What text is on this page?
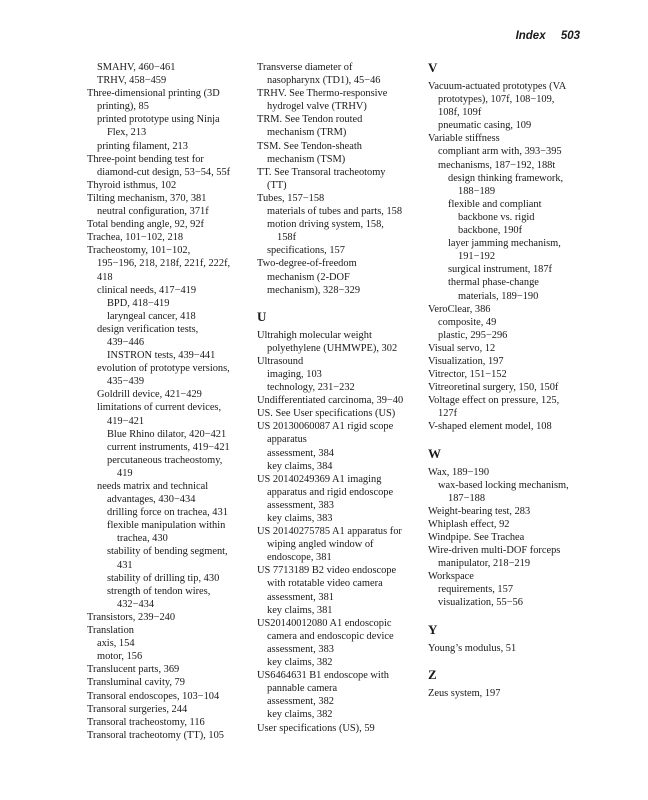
Index 503
SMAHV, 460−461
TRHV, 458−459
Three-dimensional printing (3D
printing), 85
printed prototype using Ninja
Flex, 213
printing filament, 213
Three-point bending test for
diamond-cut design, 53−54, 55f
Thyroid isthmus, 102
Tilting mechanism, 370, 381
neutral configuration, 371f
Total bending angle, 92, 92f
Trachea, 101−102, 218
Tracheostomy, 101−102,
195−196, 218, 218f, 221f, 222f,
418
clinical needs, 417−419
BPD, 418−419
laryngeal cancer, 418
design verification tests,
439−446
INSTRON tests, 439−441
evolution of prototype versions,
435−439
Goldrill device, 421−429
limitations of current devices,
419−421
Blue Rhino dilator, 420−421
current instruments, 419−421
percutaneous tracheostomy,
419
needs matrix and technical
advantages, 430−434
drilling force on trachea, 431
flexible manipulation within
trachea, 430
stability of bending segment,
431
stability of drilling tip, 430
strength of tendon wires,
432−434
Transistors, 239−240
Translation
axis, 154
motor, 156
Translucent parts, 369
Transluminal cavity, 79
Transoral endoscopes, 103−104
Transoral surgeries, 244
Transoral tracheostomy, 116
Transoral tracheotomy (TT), 105
Transverse diameter of
nasopharynx (TD1), 45−46
TRHV. See Thermo-responsive
hydrogel valve (TRHV)
TRM. See Tendon routed
mechanism (TRM)
TSM. See Tendon-sheath
mechanism (TSM)
TT. See Transoral tracheotomy
(TT)
Tubes, 157−158
materials of tubes and parts, 158
motion driving system, 158,
158f
specifications, 157
Two-degree-of-freedom
mechanism (2-DOF
mechanism), 328−329
U
Ultrahigh molecular weight
polyethylene (UHMWPE), 302
Ultrasound
imaging, 103
technology, 231−232
Undifferentiated carcinoma, 39−40
US. See User specifications (US)
US 20130060087 A1 rigid scope
apparatus
assessment, 384
key claims, 384
US 20140249369 A1 imaging
apparatus and rigid endoscope
assessment, 383
key claims, 383
US 20140275785 A1 apparatus for
wiping angled window of
endoscope, 381
US 7713189 B2 video endoscope
with rotatable video camera
assessment, 381
key claims, 381
US20140012080 A1 endoscopic
camera and endoscopic device
assessment, 383
key claims, 382
US6464631 B1 endoscope with
pannable camera
assessment, 382
key claims, 382
User specifications (US), 59
V
Vacuum-actuated prototypes (VA
prototypes), 107f, 108−109,
108f, 109f
pneumatic casing, 109
Variable stiffness
compliant arm with, 393−395
mechanisms, 187−192, 188t
design thinking framework,
188−189
flexible and compliant
backbone vs. rigid
backbone, 190f
layer jamming mechanism,
191−192
surgical instrument, 187f
thermal phase-change
materials, 189−190
VeroClear, 386
composite, 49
plastic, 295−296
Visual servo, 12
Visualization, 197
Vitrector, 151−152
Vitreoretinal surgery, 150, 150f
Voltage effect on pressure, 125,
127f
V-shaped element model, 108
W
Wax, 189−190
wax-based locking mechanism,
187−188
Weight-bearing test, 283
Whiplash effect, 92
Windpipe. See Trachea
Wire-driven multi-DOF forceps
manipulator, 218−219
Workspace
requirements, 157
visualization, 55−56
Y
Young’s modulus, 51
Z
Zeus system, 197
